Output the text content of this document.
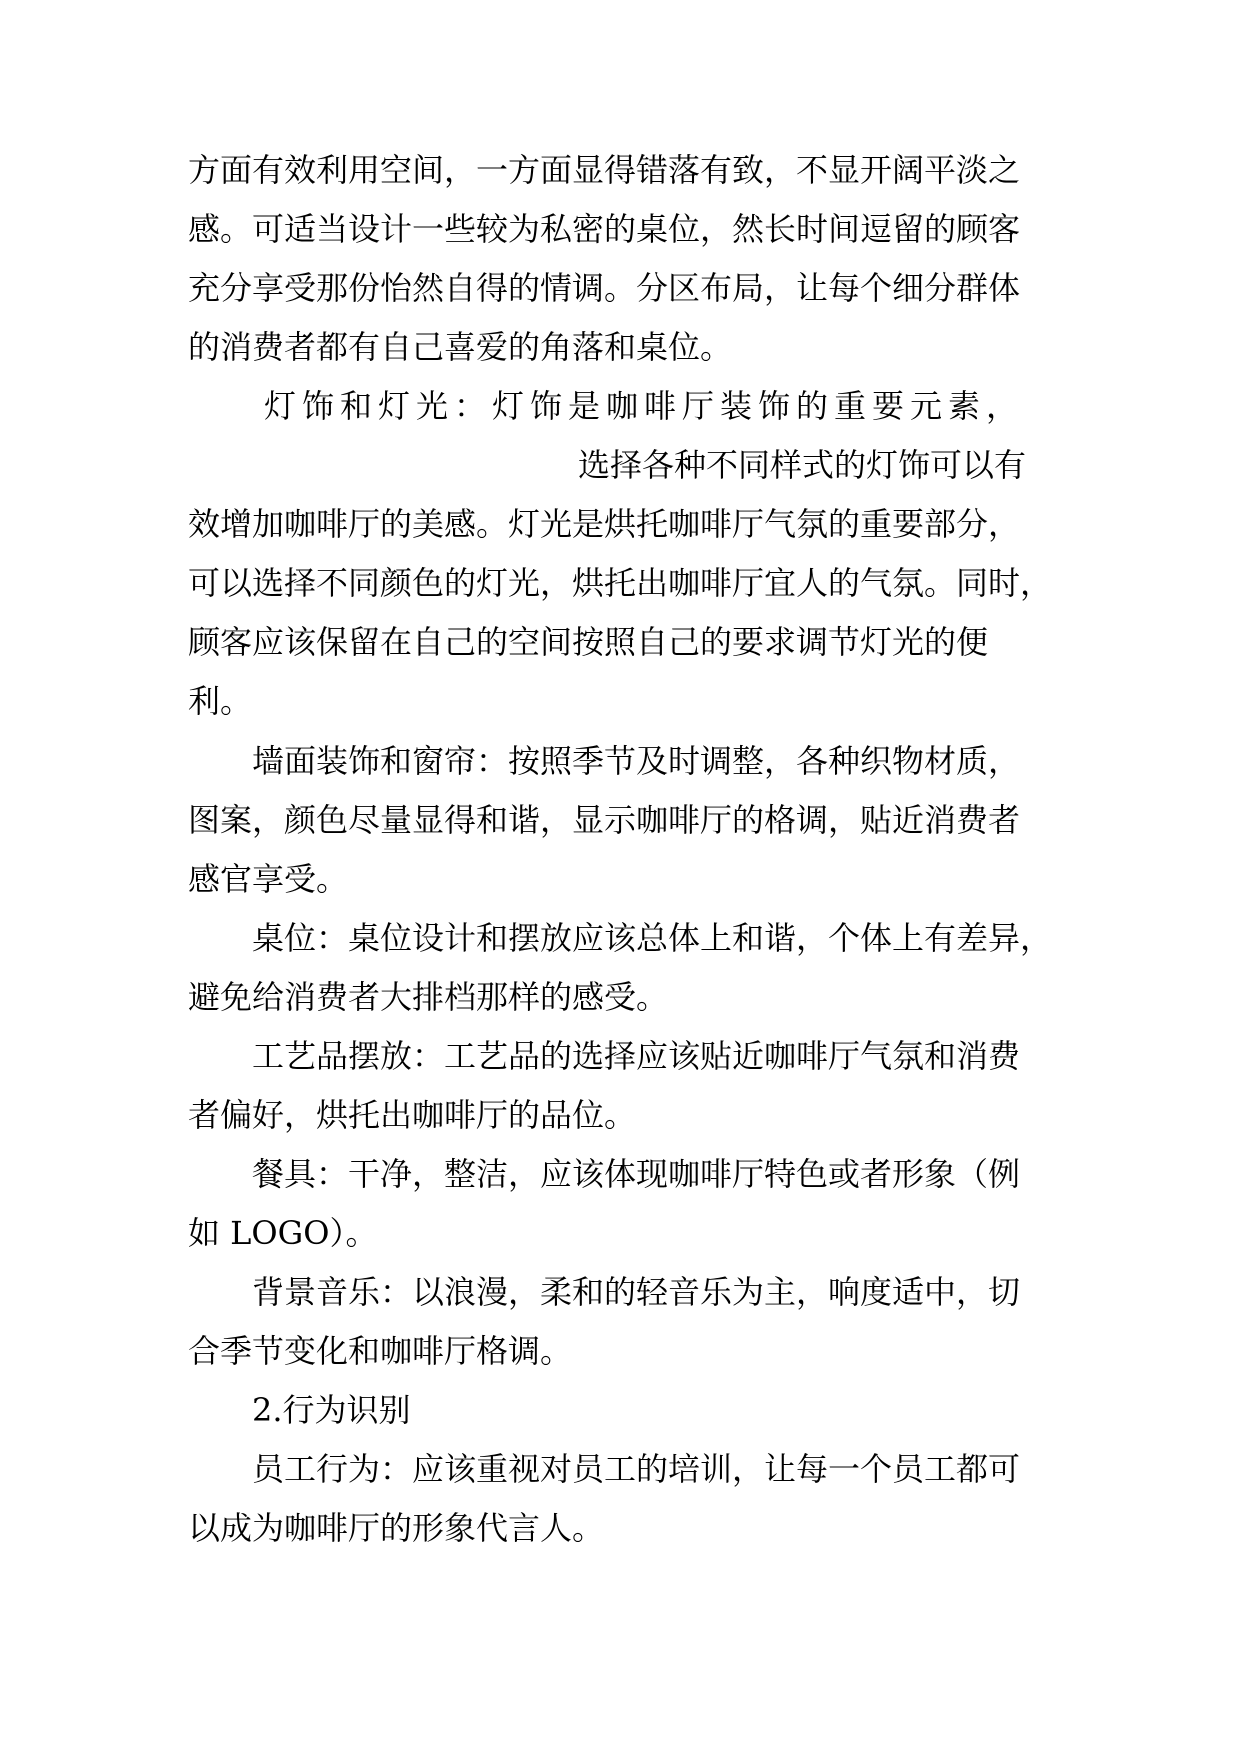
方面有效利用空间，一方面显得错落有致，不显开阔平淡之

感。可适当设计一些较为私密的桌位，然长时间逗留的顾客

充分享受那份怡然自得的情调。分区布局，让每个细分群体

的消费者都有自己喜爱的角落和桌位。

灯饰和灯光：灯饰是咖啡厅装饰的重要元素，

选择各种不同样式的灯饰可以有

效增加咖啡厅的美感。灯光是烘托咖啡厅气氛的重要部分，

可以选择不同颜色的灯光，烘托出咖啡厅宜人的气氛。同时，

顾客应该保留在自己的空间按照自己的要求调节灯光的便

利。

墙面装饰和窗帘：按照季节及时调整，各种织物材质，

图案，颜色尽量显得和谐，显示咖啡厅的格调，贴近消费者

感官享受。

桌位：桌位设计和摆放应该总体上和谐，个体上有差异，

避免给消费者大排档那样的感受。

工艺品摆放：工艺品的选择应该贴近咖啡厅气氛和消费

者偏好，烘托出咖啡厅的品位。

餐具：干净，整洁，应该体现咖啡厅特色或者形象（例

如 LOGO）。

背景音乐：以浪漫，柔和的轻音乐为主，响度适中，切

合季节变化和咖啡厅格调。

2.行为识别

员工行为：应该重视对员工的培训，让每一个员工都可

以成为咖啡厅的形象代言人。
